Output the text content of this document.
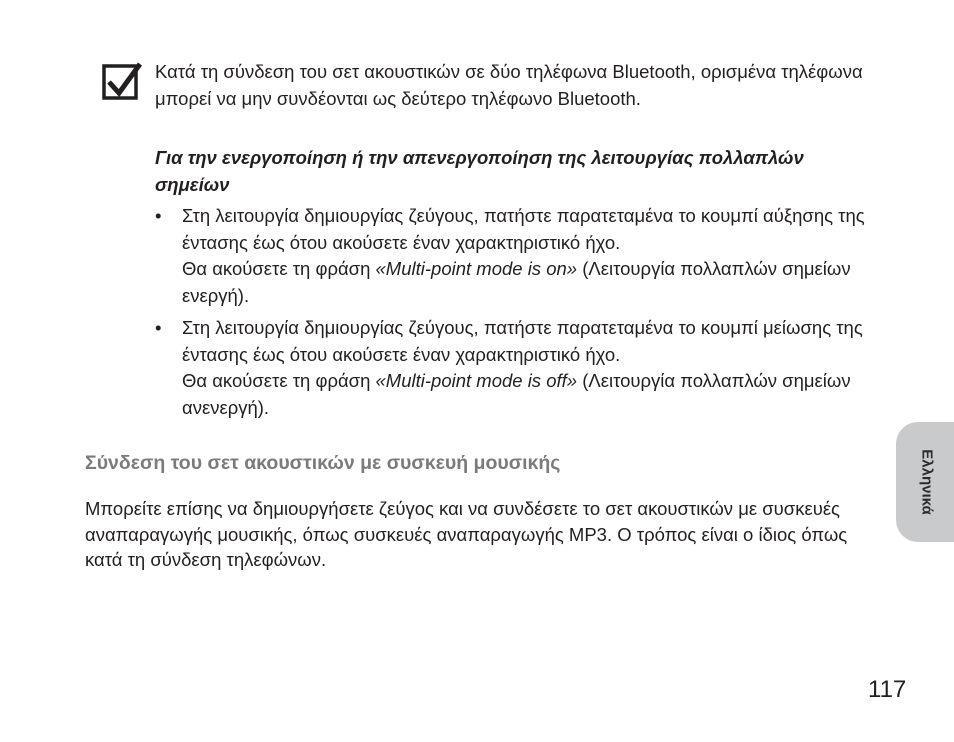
Κατά τη σύνδεση του σετ ακουστικών σε δύο τηλέφωνα Bluetooth, ορισμένα τηλέφωνα μπορεί να μην συνδέονται ως δεύτερο τηλέφωνο Bluetooth.

Για την ενεργοποίηση ή την απενεργοποίηση της λειτουργίας πολλαπλών σημείων

• Στη λειτουργία δημιουργίας ζεύγους, πατήστε παρατεταμένα το κουμπί αύξησης της έντασης έως ότου ακούσετε έναν χαρακτηριστικό ήχο.

Θα ακούσετε τη φράση «Multi-point mode is on» (Λειτουργία πολλαπλών σημείων ενεργή).

• Στη λειτουργία δημιουργίας ζεύγους, πατήστε παρατεταμένα το κουμπί μείωσης της έντασης έως ότου ακούσετε έναν χαρακτηριστικό ήχο.

Θα ακούσετε τη φράση «Multi-point mode is off» (Λειτουργία πολλαπλών σημείων ανενεργή).

Σύνδεση του σετ ακουστικών με συσκευή μουσικής

Μπορείτε επίσης να δημιουργήσετε ζεύγος και να συνδέσετε το σετ ακουστικών με συσκευές αναπαραγωγής μουσικής, όπως συσκευές αναπαραγωγής MP3. Ο τρόπος είναι ο ίδιος όπως κατά τη σύνδεση τηλεφώνων.

Ελληνικά
117
